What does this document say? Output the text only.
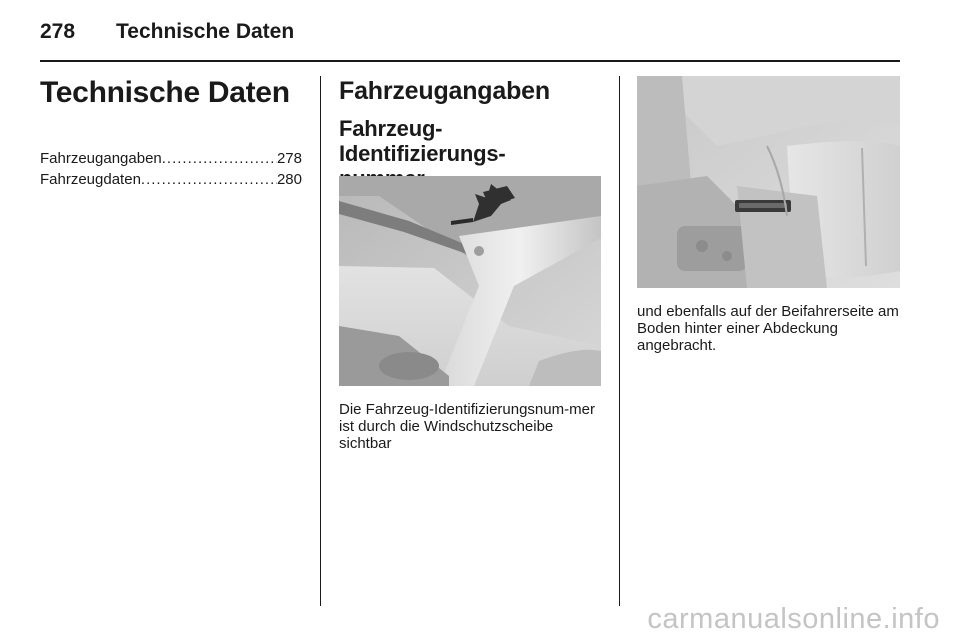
278 Technische Daten
Technische Daten
Fahrzeugangaben .....	278
Fahrzeugdaten .....	280
Fahrzeugangaben
Fahrzeug-Identifizierungs-

Die Fahrzeug-Identifizierungsnum-mer ist durch die Windschutzscheibe sichtbar
und ebenfalls auf der Beifahrerseite am Boden hinter einer Abdeckung angebracht.
carmanualsonline.info
